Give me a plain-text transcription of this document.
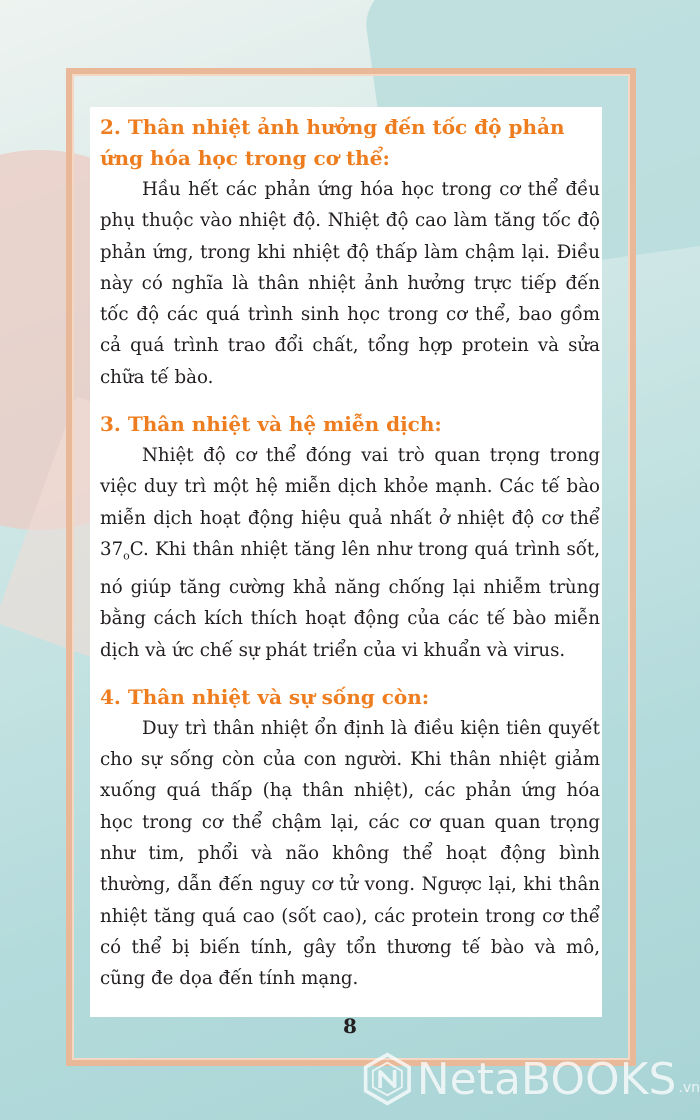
2. Thân nhiệt ảnh hưởng đến tốc độ phản ứng hóa học trong cơ thể:

Hầu hết các phản ứng hóa học trong cơ thể đều phụ thuộc vào nhiệt độ. Nhiệt độ cao làm tăng tốc độ phản ứng, trong khi nhiệt độ thấp làm chậm lại. Điều này có nghĩa là thân nhiệt ảnh hưởng trực tiếp đến tốc độ các quá trình sinh học trong cơ thể, bao gồm cả quá trình trao đổi chất, tổng hợp protein và sửa chữa tế bào.

3. Thân nhiệt và hệ miễn dịch:

Nhiệt độ cơ thể đóng vai trò quan trọng trong việc duy trì một hệ miễn dịch khỏe mạnh. Các tế bào miễn dịch hoạt động hiệu quả nhất ở nhiệt độ cơ thể $37_oC$. Khi thân nhiệt tăng lên như trong quá trình sốt, nó giúp tăng cường khả năng chống lại nhiễm trùng bằng cách kích thích hoạt động của các tế bào miễn dịch và ức chế sự phát triển của vi khuẩn và virus.

4. Thân nhiệt và sự sống còn:

Duy trì thân nhiệt ổn định là điều kiện tiên quyết cho sự sống còn của con người. Khi thân nhiệt giảm xuống quá thấp (hạ thân nhiệt), các phản ứng hóa học trong cơ thể chậm lại, các cơ quan quan trọng như tim, phổi và não không thể hoạt động bình thường, dẫn đến nguy cơ tử vong. Ngược lại, khi thân nhiệt tăng quá cao (sốt cao), các protein trong cơ thể có thể bị biến tính, gây tổn thương tế bào và mô, cũng đe dọa đến tính mạng.

8
NetaBOOKS .vn
